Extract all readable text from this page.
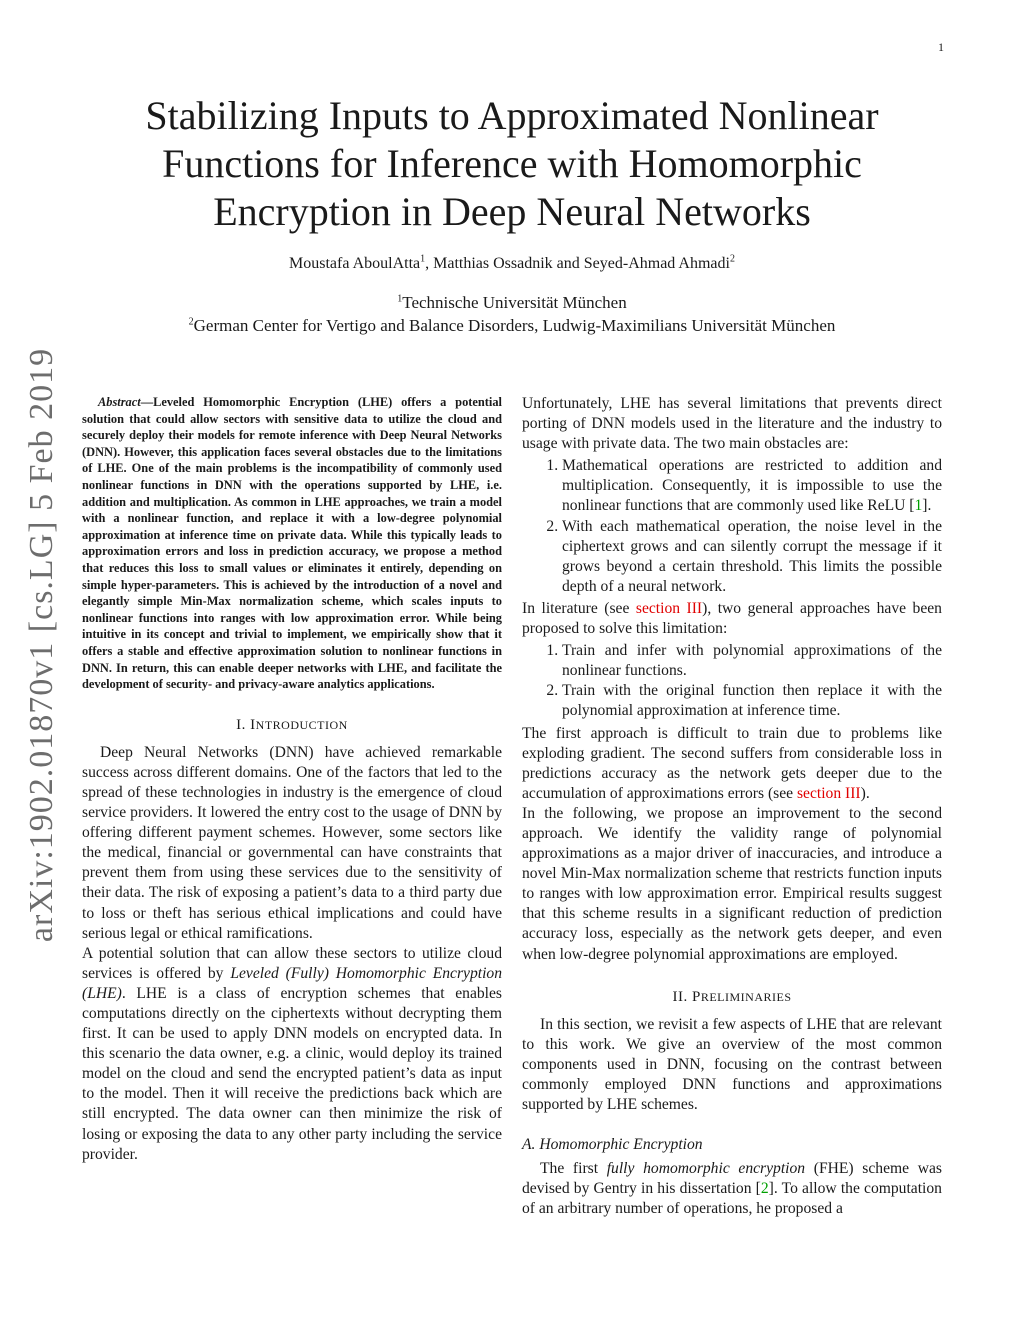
1
arXiv:1902.01870v1 [cs.LG] 5 Feb 2019
Stabilizing Inputs to Approximated Nonlinear
Functions for Inference with Homomorphic
Encryption in Deep Neural Networks
Moustafa AboulAtta$^1$, Matthias Ossadnik and Seyed-Ahmad Ahmadi$^2$
$^1$Technische Universität München
$^2$German Center for Vertigo and Balance Disorders, Ludwig-Maximilians Universität München

Abstract—Leveled Homomorphic Encryption (LHE) offers a potential solution that could allow sectors with sensitive data to utilize the cloud and securely deploy their models for remote inference with Deep Neural Networks (DNN). However, this application faces several obstacles due to the limitations of LHE. One of the main problems is the incompatibility of commonly used nonlinear functions in DNN with the operations supported by LHE, i.e. addition and multiplication. As common in LHE approaches, we train a model with a nonlinear function, and replace it with a low-degree polynomial approximation at inference time on private data. While this typically leads to approximation errors and loss in prediction accuracy, we propose a method that reduces this loss to small values or eliminates it entirely, depending on simple hyper-parameters. This is achieved by the introduction of a novel and elegantly simple Min-Max normalization scheme, which scales inputs to nonlinear functions into ranges with low approximation error. While being intuitive in its concept and trivial to implement, we empirically show that it offers a stable and effective approximation solution to nonlinear functions in DNN. In return, this can enable deeper networks with LHE, and facilitate the development of security- and privacy-aware analytics applications.

I. INTRODUCTION

Deep Neural Networks (DNN) have achieved remarkable success across different domains. One of the factors that led to the spread of these technologies in industry is the emergence of cloud service providers. It lowered the entry cost to the usage of DNN by offering different payment schemes. However, some sectors like the medical, financial or governmental can have constraints that prevent them from using these services due to the sensitivity of their data. The risk of exposing a patient’s data to a third party due to loss or theft has serious ethical implications and could have serious legal or ethical ramifications.

A potential solution that can allow these sectors to utilize cloud services is offered by Leveled (Fully) Homomorphic Encryption (LHE). LHE is a class of encryption schemes that enables computations directly on the ciphertexts without decrypting them first. It can be used to apply DNN models on encrypted data. In this scenario the data owner, e.g. a clinic, would deploy its trained model on the cloud and send the encrypted patient’s data as input to the model. Then it will receive the predictions back which are still encrypted. The data owner can then minimize the risk of losing or exposing the data to any other party including the service provider.

Unfortunately, LHE has several limitations that prevents direct porting of DNN models used in the literature and the industry to usage with private data. The two main obstacles are:

1. Mathematical operations are restricted to addition and multiplication. Consequently, it is impossible to use the nonlinear functions that are commonly used like ReLU [1].
2. With each mathematical operation, the noise level in the ciphertext grows and can silently corrupt the message if it grows beyond a certain threshold. This limits the possible depth of a neural network.

In literature (see section III), two general approaches have been proposed to solve this limitation:

1. Train and infer with polynomial approximations of the nonlinear functions.
2. Train with the original function then replace it with the polynomial approximation at inference time.

The first approach is difficult to train due to problems like exploding gradient. The second suffers from considerable loss in predictions accuracy as the network gets deeper due to the accumulation of approximations errors (see section III).

In the following, we propose an improvement to the second approach. We identify the validity range of polynomial approximations as a major driver of inaccuracies, and introduce a novel Min-Max normalization scheme that restricts function inputs to ranges with low approximation error. Empirical results suggest that this scheme results in a significant reduction of prediction accuracy loss, especially as the network gets deeper, and even when low-degree polynomial approximations are employed.

II. PRELIMINARIES

In this section, we revisit a few aspects of LHE that are relevant to this work. We give an overview of the most common components used in DNN, focusing on the contrast between commonly employed DNN functions and approximations supported by LHE schemes.

A. Homomorphic Encryption

The first fully homomorphic encryption (FHE) scheme was devised by Gentry in his dissertation [2]. To allow the computation of an arbitrary number of operations, he proposed a
